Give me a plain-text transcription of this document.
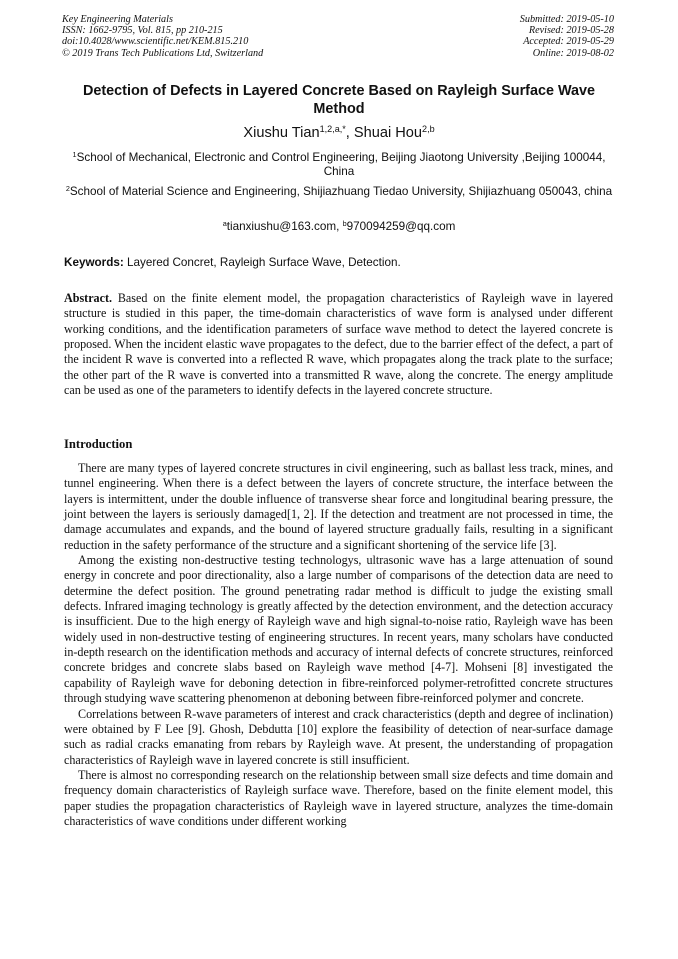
Key Engineering Materials
ISSN: 1662-9795, Vol. 815, pp 210-215
doi:10.4028/www.scientific.net/KEM.815.210
© 2019 Trans Tech Publications Ltd, Switzerland
Submitted: 2019-05-10
Revised: 2019-05-28
Accepted: 2019-05-29
Online: 2019-08-02
Detection of Defects in Layered Concrete Based on Rayleigh Surface Wave Method
Xiushu Tian$^{1,2,a,*}$, Shuai Hou$^{2,b}$
$^1$School of Mechanical, Electronic and Control Engineering, Beijing Jiaotong University ,Beijing 100044, China
$^2$School of Material Science and Engineering, Shijiazhuang Tiedao University, Shijiazhuang 050043, china
$^a$tianxiushu@163.com, $^b$970094259@qq.com
Keywords: Layered Concret, Rayleigh Surface Wave, Detection.
Abstract. Based on the finite element model, the propagation characteristics of Rayleigh wave in layered structure is studied in this paper, the time-domain characteristics of wave form is analysed under different working conditions, and the identification parameters of surface wave method to detect the layered concrete is proposed. When the incident elastic wave propagates to the defect, due to the barrier effect of the defect, a part of the incident R wave is converted into a reflected R wave, which propagates along the track plate to the surface; the other part of the R wave is converted into a transmitted R wave, along the concrete. The energy amplitude can be used as one of the parameters to identify defects in the layered concrete structure.
Introduction

There are many types of layered concrete structures in civil engineering, such as ballast less track, mines, and tunnel engineering. When there is a defect between the layers of concrete structure, the interface between the layers is intermittent, under the double influence of transverse shear force and longitudinal bearing pressure, the joint between the layers is seriously damaged[1, 2]. If the detection and treatment are not processed in time, the damage accumulates and expands, and the bound of layered structure gradually fails, resulting in a significant reduction in the safety performance of the structure and a significant shortening of the service life [3].

Among the existing non-destructive testing technologys, ultrasonic wave has a large attenuation of sound energy in concrete and poor directionality, also a large number of comparisons of the detection data are need to determine the defect position. The ground penetrating radar method is difficult to judge the existing small defects. Infrared imaging technology is greatly affected by the detection environment, and the detection accuracy is insufficient. Due to the high energy of Rayleigh wave and high signal-to-noise ratio, Rayleigh wave has been widely used in non-destructive testing of engineering structures. In recent years, many scholars have conducted in-depth research on the identification methods and accuracy of internal defects of concrete structures, reinforced concrete bridges and concrete slabs based on Rayleigh wave method [4-7]. Mohseni [8] investigated the capability of Rayleigh wave for deboning detection in fibre-reinforced polymer-retrofitted concrete structures through studying wave scattering phenomenon at deboning between fibre-reinforced polymer and concrete.

Correlations between R-wave parameters of interest and crack characteristics (depth and degree of inclination) were obtained by F Lee [9]. Ghosh, Debdutta [10] explore the feasibility of detection of near-surface damage such as radial cracks emanating from rebars by Rayleigh wave. At present, the understanding of propagation characteristics of Rayleigh wave in layered concrete is still insufficient.

There is almost no corresponding research on the relationship between small size defects and time domain and frequency domain characteristics of Rayleigh surface wave. Therefore, based on the finite element model, this paper studies the propagation characteristics of Rayleigh wave in layered structure, analyzes the time-domain characteristics of wave conditions under different working
